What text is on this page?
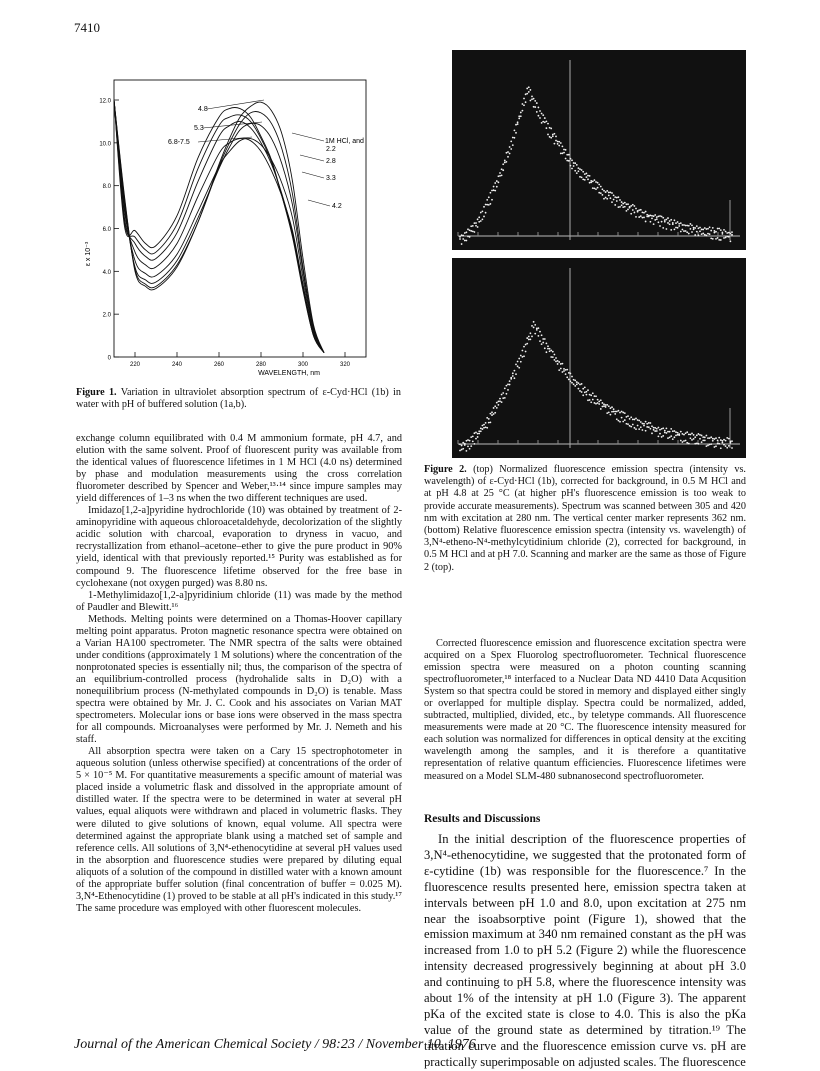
7410
0
2.0
4.0
6.0
8.0
10.0
12.0
220	240	260	280	300	320
4.8
5.3
6.8-7.5	1M HCl, and
2.2
2.8
3.3
4.2
WAVELENGTH, nm
ε x 10⁻³
Figure 1. Variation in ultraviolet absorption spectrum of ε-Cyd·HCl (1b) in water with pH of buffered solution (1a,b).
Figure 2. (top) Normalized fluorescence emission spectra (intensity vs. wavelength) of ε-Cyd·HCl (1b), corrected for background, in 0.5 M HCl and at pH 4.8 at 25 °C (at higher pH's fluorescence emission is too weak to provide accurate measurements). Spectrum was scanned between 305 and 420 nm with excitation at 280 nm. The vertical center marker represents 362 nm. (bottom) Relative fluorescence emission spectra (intensity vs. wavelength) of 3,N⁴-etheno-N⁴-methylcytidinium chloride (2), corrected for background, in 0.5 M HCl and at pH 7.0. Scanning and marker are the same as those of Figure 2 (top).

exchange column equilibrated with 0.4 M ammonium formate, pH 4.7, and elution with the same solvent. Proof of fluorescent purity was available from the identical values of fluorescence lifetimes in 1 M HCl (4.0 ns) determined by phase and modulation measurements using the cross correlation fluorometer described by Spencer and Weber,¹³·¹⁴ since impure samples may yield differences of 1–3 ns when the two different techniques are used.

Imidazo[1,2-a]pyridine hydrochloride (10) was obtained by treatment of 2-aminopyridine with aqueous chloroacetaldehyde, decolorization of the slightly acidic solution with charcoal, evaporation to dryness in vacuo, and recrystallization from ethanol–acetone–ether to give the pure product in 90% yield, identical with that previously reported.¹⁵ Purity was established as for compound 9. The fluorescence lifetime observed for the free base in cyclohexane (not oxygen purged) was 8.80 ns.

1-Methylimidazo[1,2-a]pyridinium chloride (11) was made by the method of Paudler and Blewitt.¹⁶

Methods. Melting points were determined on a Thomas-Hoover capillary melting point apparatus. Proton magnetic resonance spectra were obtained on a Varian HA100 spectrometer. The NMR spectra of the salts were obtained under conditions (approximately 1 M solutions) where the concentration of the nonprotonated species is essentially nil; thus, the comparison of the spectra of an equilibrium-controlled process (hydrohalide salts in D₂O) with a nonequilibrium process (N-methylated compounds in D₂O) is tenable. Mass spectra were obtained by Mr. J. C. Cook and his associates on Varian MAT spectrometers. Molecular ions or base ions were observed in the mass spectra for all compounds. Microanalyses were performed by Mr. J. Nemeth and his staff.

All absorption spectra were taken on a Cary 15 spectrophotometer in aqueous solution (unless otherwise specified) at concentrations of the order of 5 × 10⁻⁵ M. For quantitative measurements a specific amount of material was placed inside a volumetric flask and dissolved in the appropriate amount of distilled water. If the spectra were to be determined in water at several pH values, equal aliquots were withdrawn and placed in volumetric flasks. They were diluted to give solutions of known, equal volume. All spectra were determined against the appropriate blank using a matched set of sample and reference cells. All solutions of 3,N⁴-ethenocytidine at several pH values used in the absorption and fluorescence studies were prepared by diluting equal aliquots of a solution of the compound in distilled water with a known amount of the appropriate buffer solution (final concentration of buffer = 0.025 M). 3,N⁴-Ethenocytidine (1) proved to be stable at all pH's indicated in this study.¹⁷ The same procedure was employed with other fluorescent molecules.

Corrected fluorescence emission and fluorescence excitation spectra were acquired on a Spex Fluorolog spectrofluorometer. Technical fluorescence emission spectra were measured on a photon counting scanning spectrofluorometer,¹⁸ interfaced to a Nuclear Data ND 4410 Data Acqusition System so that spectra could be stored in memory and displayed either singly or overlapped for multiple display. Spectra could be normalized, added, subtracted, multiplied, divided, etc., by teletype commands. All fluorescence measurements were made at 20 °C. The fluorescence intensity measured for each solution was normalized for differences in optical density at the exciting wavelength among the samples, and it is therefore a quantitative representation of relative quantum efficiencies. Fluorescence lifetimes were measured on a Model SLM-480 subnanosecond spectrofluorometer.

Results and Discussions

In the initial description of the fluorescence properties of 3,N⁴-ethenocytidine, we suggested that the protonated form of ε-cytidine (1b) was responsible for the fluorescence.⁷ In the fluorescence results presented here, emission spectra taken at intervals between pH 1.0 and 8.0, upon excitation at 275 nm near the isoabsorptive point (Figure 1), showed that the emission maximum at 340 nm remained constant as the pH was increased from 1.0 to pH 5.2 (Figure 2) while the fluorescence intensity decreased progressively beginning at about pH 3.0 and continuing to pH 5.8, where the fluorescence intensity was about 1% of the intensity at pH 1.0 (Figure 3). The apparent pKa of the excited state is close to 4.0. This is also the pKa value of the ground state as determined by titration.¹⁹ The titration curve and the fluorescence emission curve vs. pH are practically superimposable on adjusted scales. The fluorescence

Journal of the American Chemical Society / 98:23 / November 10, 1976
